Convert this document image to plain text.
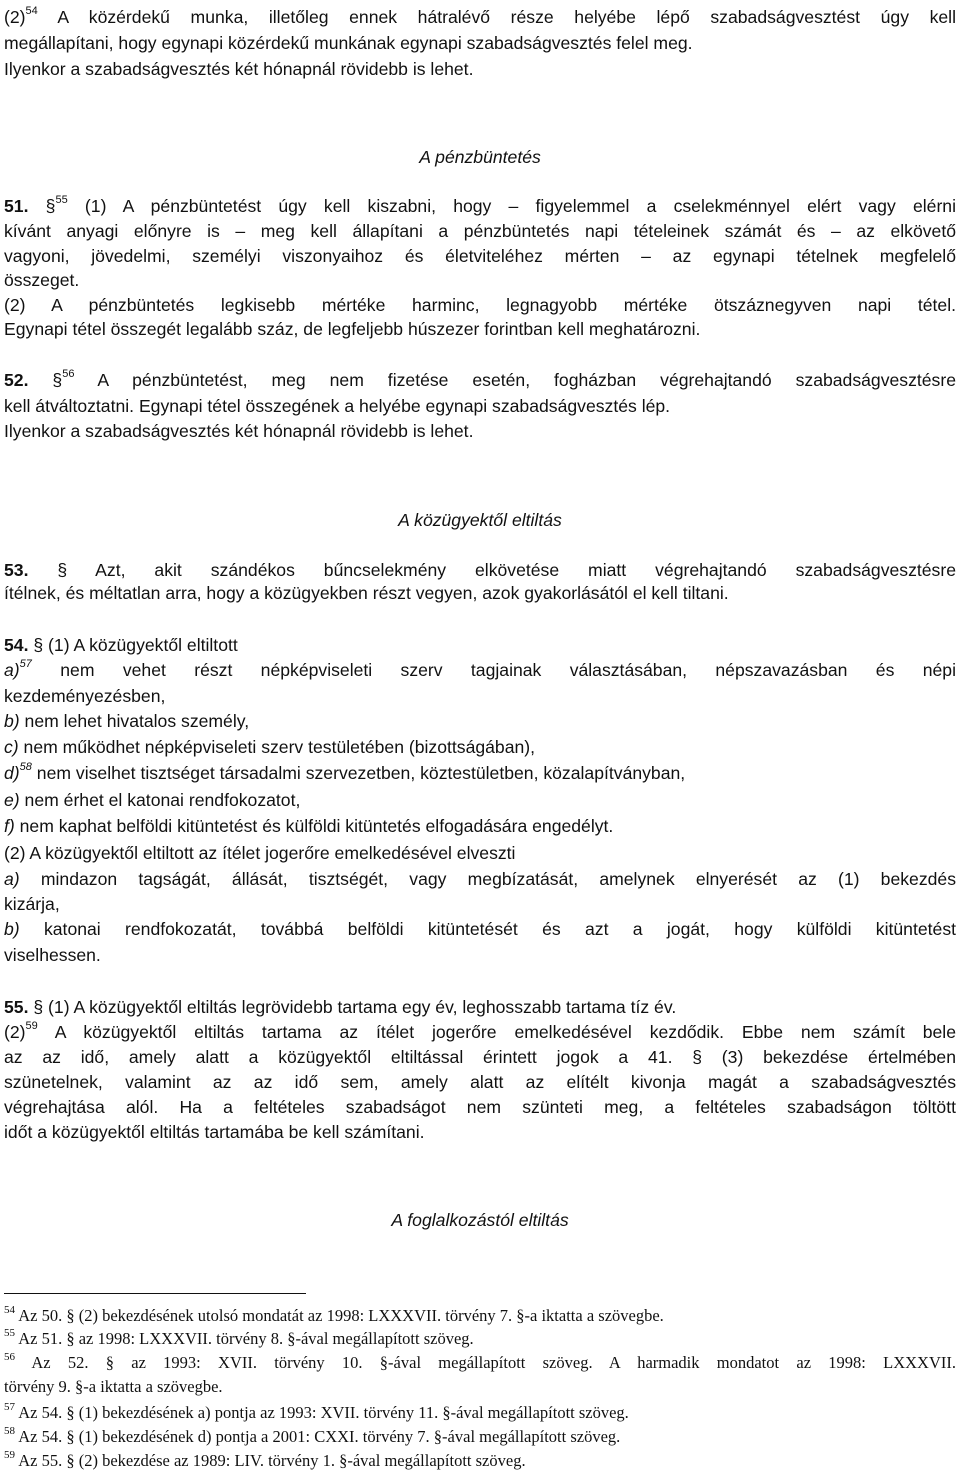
$(2)^{54}$ A közérdekű munka, illetőleg ennek hátralévő része helyébe lépő szabadságvesztést úgy kell
megállapítani, hogy egynapi közérdekű munkának egynapi szabadságvesztés felel meg.
Ilyenkor a szabadságvesztés két hónapnál rövidebb is lehet.
A pénzbüntetés
51. §$^{55}$ (1) A pénzbüntetést úgy kell kiszabni, hogy – figyelemmel a cselekménnyel elért vagy elérni
kívánt anyagi előnyre is – meg kell állapítani a pénzbüntetés napi tételeinek számát és – az elkövető
vagyoni, jövedelmi, személyi viszonyaihoz és életviteléhez mérten – az egynapi tételnek megfelelő
összeget.
(2) A pénzbüntetés legkisebb mértéke harminc, legnagyobb mértéke ötszáznegyven napi tétel.
Egynapi tétel összegét legalább száz, de legfeljebb húszezer forintban kell meghatározni.
52. §$^{56}$ A pénzbüntetést, meg nem fizetése esetén, fogházban végrehajtandó szabadságvesztésre
kell átváltoztatni. Egynapi tétel összegének a helyébe egynapi szabadságvesztés lép.
Ilyenkor a szabadságvesztés két hónapnál rövidebb is lehet.
A közügyektől eltiltás
53. § Azt, akit szándékos bűncselekmény elkövetése miatt végrehajtandó szabadságvesztésre
ítélnek, és méltatlan arra, hogy a közügyekben részt vegyen, azok gyakorlásától el kell tiltani.
54. § (1) A közügyektől eltiltott
a)$^{57}$ nem vehet részt népképviseleti szerv tagjainak választásában, népszavazásban és népi
kezdeményezésben,
b) nem lehet hivatalos személy,
c) nem működhet népképviseleti szerv testületében (bizottságában),
d)$^{58}$ nem viselhet tisztséget társadalmi szervezetben, köztestületben, közalapítványban,
e) nem érhet el katonai rendfokozatot,
f) nem kaphat belföldi kitüntetést és külföldi kitüntetés elfogadására engedélyt.
(2) A közügyektől eltiltott az ítélet jogerőre emelkedésével elveszti
a) mindazon tagságát, állását, tisztségét, vagy megbízatását, amelynek elnyerését az (1) bekezdés
kizárja,
b) katonai rendfokozatát, továbbá belföldi kitüntetését és azt a jogát, hogy külföldi kitüntetést
viselhessen.
55. § (1) A közügyektől eltiltás legrövidebb tartama egy év, leghosszabb tartama tíz év.
$(2)^{59}$ A közügyektől eltiltás tartama az ítélet jogerőre emelkedésével kezdődik. Ebbe nem számít bele
az az idő, amely alatt a közügyektől eltiltással érintett jogok a 41. § (3) bekezdése értelmében
szünetelnek, valamint az az idő sem, amely alatt az elítélt kivonja magát a szabadságvesztés
végrehajtása alól. Ha a feltételes szabadságot nem szünteti meg, a feltételes szabadságon töltött
időt a közügyektől eltiltás tartamába be kell számítani.
A foglalkozástól eltiltás
$^{54}$ Az 50. § (2) bekezdésének utolsó mondatát az 1998: LXXXVII. törvény 7. §-a iktatta a szövegbe.
$^{55}$ Az 51. § az 1998: LXXXVII. törvény 8. §-ával megállapított szöveg.
$^{56}$ Az 52. § az 1993: XVII. törvény 10. §-ával megállapított szöveg. A harmadik mondatot az 1998: LXXXVII.
törvény 9. §-a iktatta a szövegbe.
$^{57}$ Az 54. § (1) bekezdésének a) pontja az 1993: XVII. törvény 11. §-ával megállapított szöveg.
$^{58}$ Az 54. § (1) bekezdésének d) pontja a 2001: CXXI. törvény 7. §-ával megállapított szöveg.
$^{59}$ Az 55. § (2) bekezdése az 1989: LIV. törvény 1. §-ával megállapított szöveg.
